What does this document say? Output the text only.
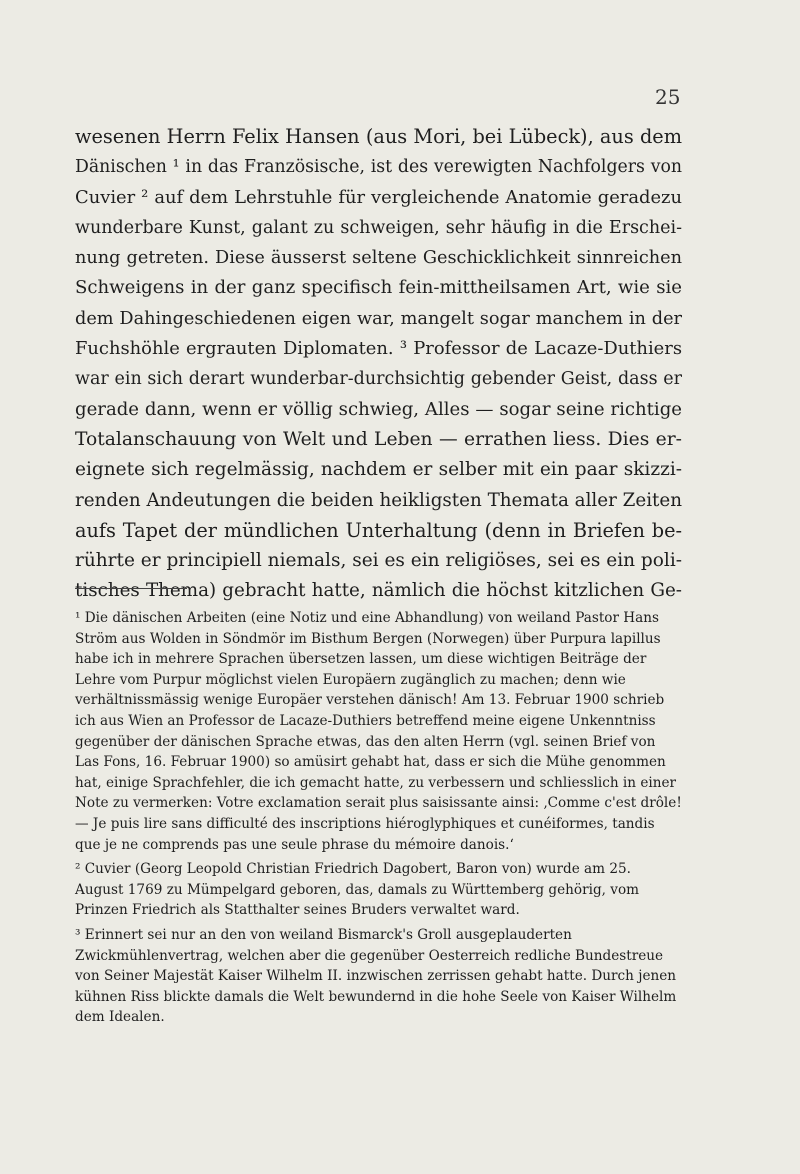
25
wesenen Herrn Felix Hansen (aus Mori, bei Lübeck), aus dem
Dänischen ¹ in das Französische, ist des verewigten Nachfolgers von
Cuvier ² auf dem Lehrstuhle für vergleichende Anatomie geradezu
wunderbare Kunst, galant zu schweigen, sehr häufig in die Erschei-
nung getreten. Diese äusserst seltene Geschicklichkeit sinnreichen
Schweigens in der ganz specifisch fein-mittheilsamen Art, wie sie
dem Dahingeschiedenen eigen war, mangelt sogar manchem in der
Fuchshöhle ergrauten Diplomaten. ³ Professor de Lacaze-Duthiers
war ein sich derart wunderbar-durchsichtig gebender Geist, dass er
gerade dann, wenn er völlig schwieg, Alles — sogar seine richtige
Totalanschauung von Welt und Leben — errathen liess. Dies er-
eignete sich regelmässig, nachdem er selber mit ein paar skizzi-
renden Andeutungen die beiden heikligsten Themata aller Zeiten
aufs Tapet der mündlichen Unterhaltung (denn in Briefen be-
rührte er principiell niemals, sei es ein religiöses, sei es ein poli-
tisches Thema) gebracht hatte, nämlich die höchst kitzlichen Ge-

¹ Die dänischen Arbeiten (eine Notiz und eine Abhandlung) von weiland Pastor Hans Ström aus Wolden in Söndmör im Bisthum Bergen (Norwegen) über Purpura lapillus habe ich in mehrere Sprachen übersetzen lassen, um diese wichtigen Beiträge der Lehre vom Purpur möglichst vielen Europäern zugänglich zu machen; denn wie verhältnissmässig wenige Europäer verstehen dänisch! Am 13. Februar 1900 schrieb ich aus Wien an Professor de Lacaze-Duthiers betreffend meine eigene Unkenntniss gegenüber der dänischen Sprache etwas, das den alten Herrn (vgl. seinen Brief von Las Fons, 16. Februar 1900) so amüsirt gehabt hat, dass er sich die Mühe genommen hat, einige Sprachfehler, die ich gemacht hatte, zu verbessern und schliesslich in einer Note zu vermerken: Votre exclamation serait plus saisissante ainsi: ‚Comme c'est drôle! — Je puis lire sans difficulté des inscriptions hiéroglyphiques et cunéiformes, tandis que je ne comprends pas une seule phrase du mémoire danois.‘

² Cuvier (Georg Leopold Christian Friedrich Dagobert, Baron von) wurde am 25. August 1769 zu Mümpelgard geboren, das, damals zu Württemberg gehörig, vom Prinzen Friedrich als Statthalter seines Bruders verwaltet ward.

³ Erinnert sei nur an den von weiland Bismarck's Groll ausgeplauderten Zwickmühlenvertrag, welchen aber die gegenüber Oesterreich redliche Bundestreue von Seiner Majestät Kaiser Wilhelm II. inzwischen zerrissen gehabt hatte. Durch jenen kühnen Riss blickte damals die Welt bewundernd in die hohe Seele von Kaiser Wilhelm dem Idealen.
